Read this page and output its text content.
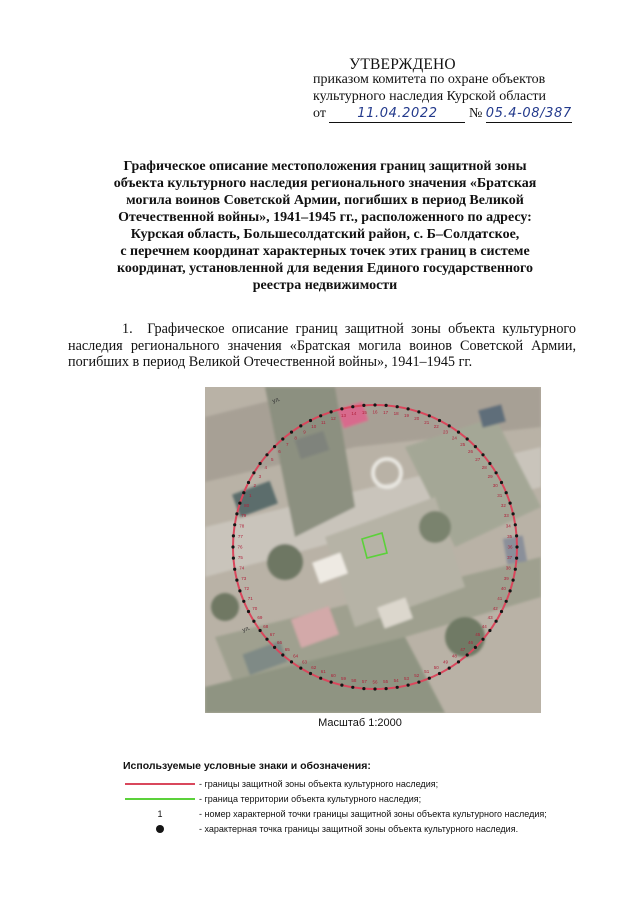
УТВЕРЖДЕНО
приказом комитета по охране объектов
культурного наследия Курской области
от 11.04.2022 № 05.4-08/387
Графическое описание местоположения границ защитной зоны
объекта культурного наследия регионального значения «Братская
могила воинов Советской Армии, погибших в период Великой
Отечественной войны», 1941–1945 гг., расположенного по адресу:
Курская область, Большесолдатский район, с. Б–Солдатское,
с перечнем координат характерных точек этих границ в системе
координат, установленной для ведения Единого государственного
реестра недвижимости
1. Графическое описание границ защитной зоны объекта культурного наследия регионального значения «Братская могила воинов Советской Армии, погибших в период Великой Отечественной войны», 1941–1945 гг.
ул.
ул.
1
2
3
4
5
6
7
8
9
10
11
12
13 14 15 16 17 18 19
20
21
22
23
24
25
26
27
28
29
30
31
32
33
34
35
36
37
38
39
40
41
42
43
44
45
46
47
48
49
50
51
52
53
54
55
56
57
58
59
60
61
62
63
64
65
66
67
68
69
70
71
72
73
74
75
76
77
78
79
80
Масштаб 1:2000
Используемые условные знаки и обозначения:
- границы защитной зоны объекта культурного наследия;
- граница территории объекта культурного наследия;
1	- номер характерной точки границы защитной зоны объекта культурного наследия;
- характерная точка границы защитной зоны объекта культурного наследия.
